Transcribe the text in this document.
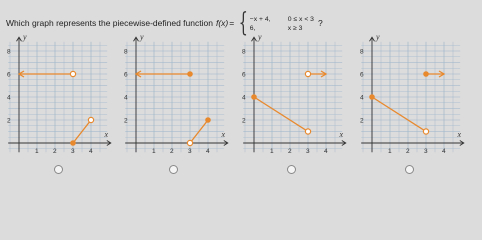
Which graph represents the piecewise-defined function f(x) = { −x + 4,	0 ≤ x < 3
6,	x ≥ 3
?
y
x
2
4
6
8
1 2 3 4
y
x
2
4
6
8
1 2 3 4
y
x
2
4
6
8
1 2 3 4
y
x
2
4
6
8
1 2 3 4
